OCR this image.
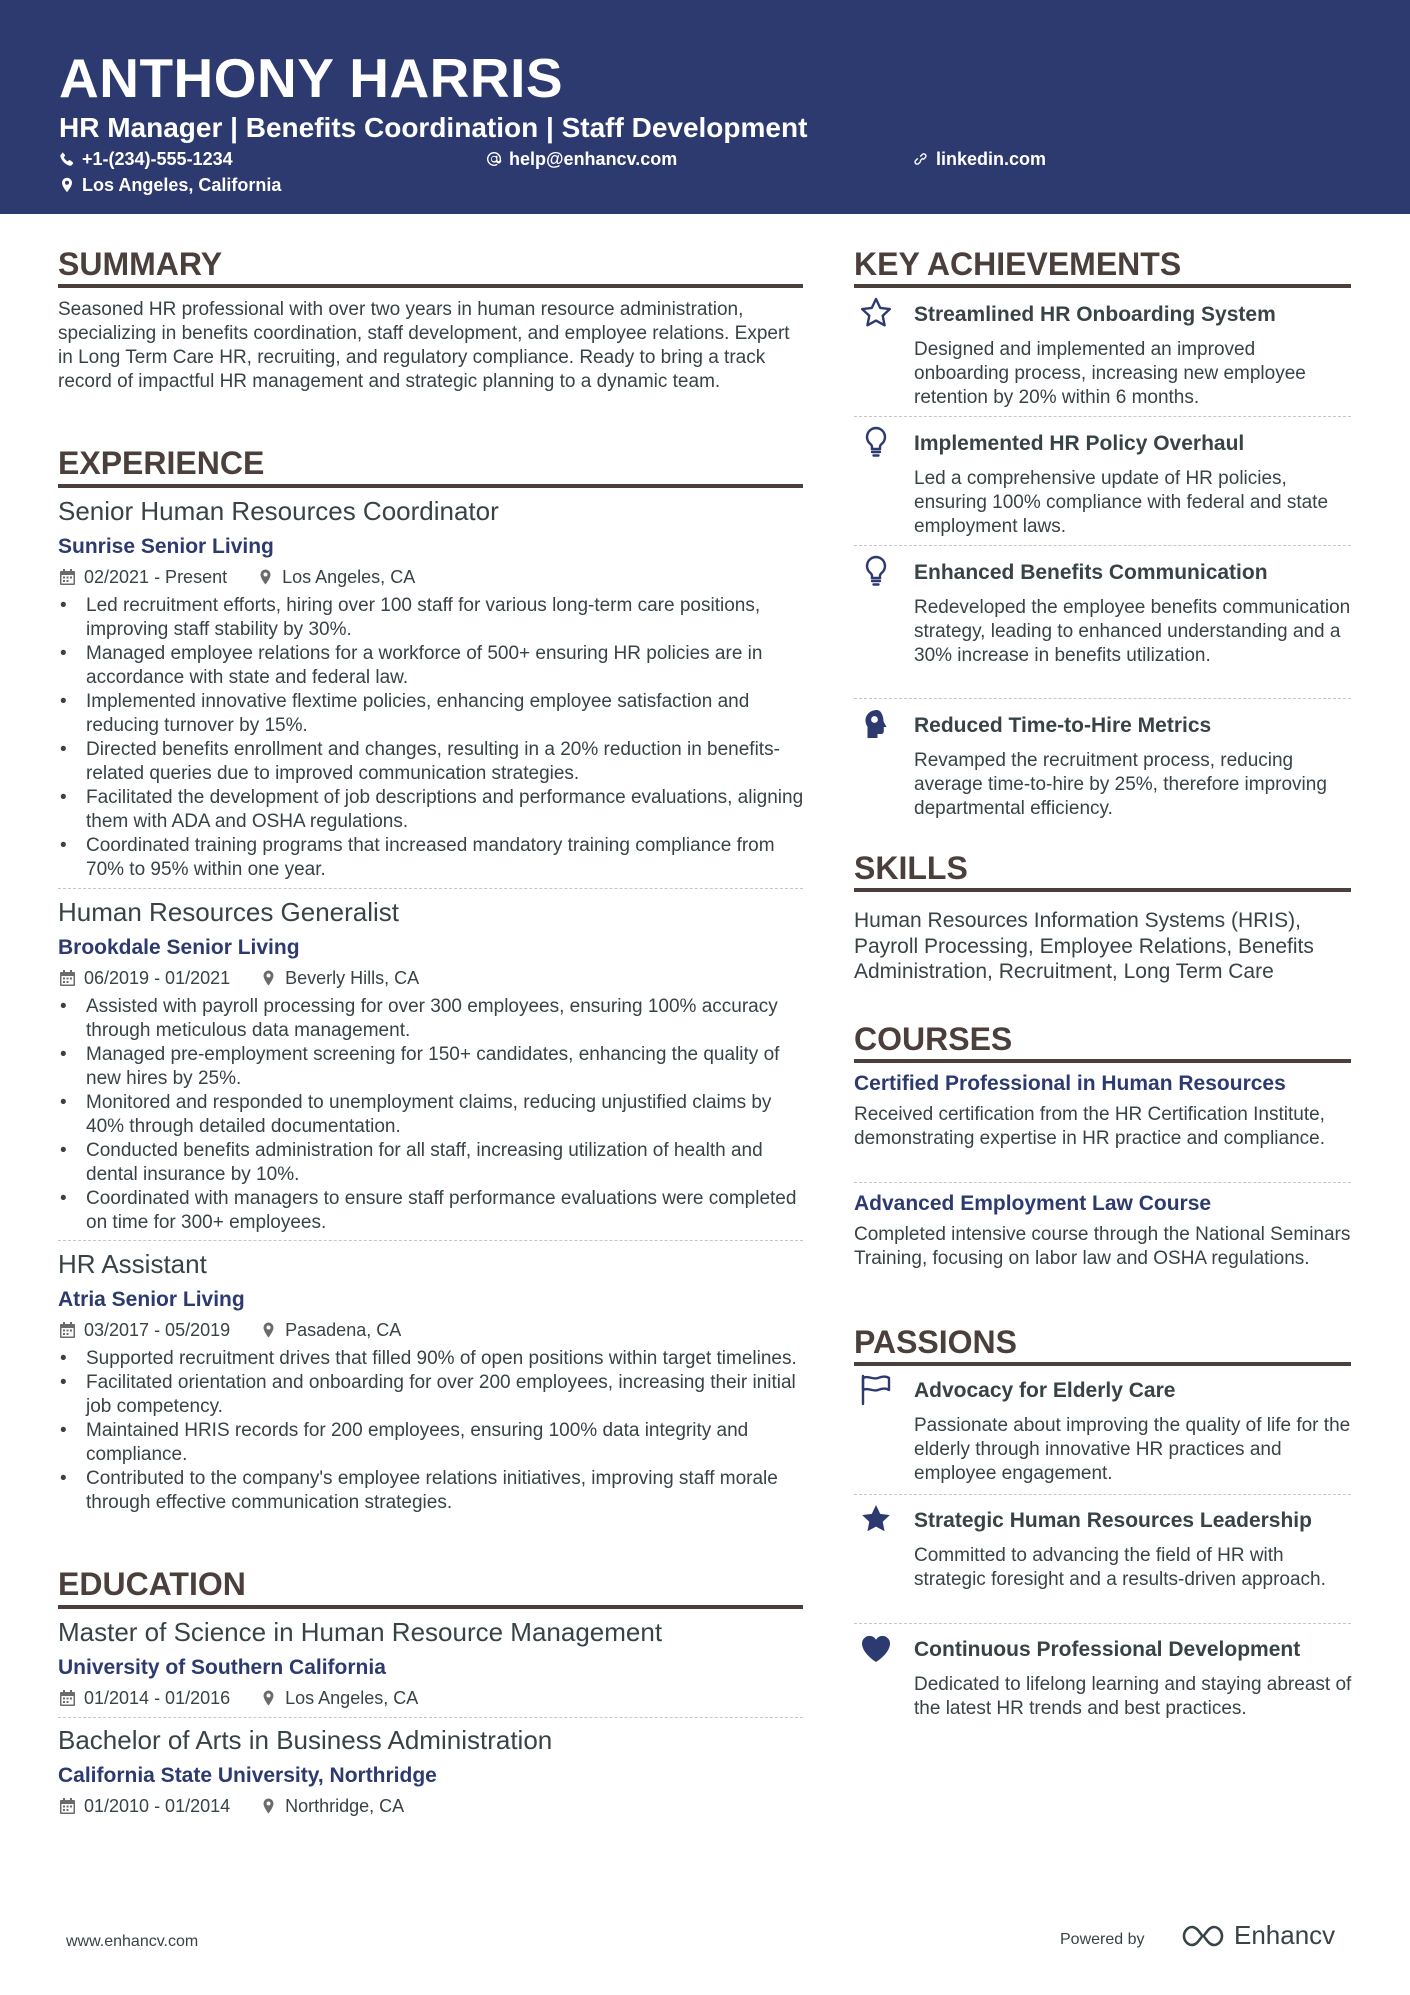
ANTHONY HARRIS
HR Manager | Benefits Coordination | Staff Development
+1-(234)-555-1234	help@enhancv.com	linkedin.com
Los Angeles, California
SUMMARY
Seasoned HR professional with over two years in human resource administration, specializing in benefits coordination, staff development, and employee relations. Expert in Long Term Care HR, recruiting, and regulatory compliance. Ready to bring a track record of impactful HR management and strategic planning to a dynamic team.
EXPERIENCE
Senior Human Resources Coordinator
Sunrise Senior Living
02/2021 - Present	Los Angeles, CA
• Led recruitment efforts, hiring over 100 staff for various long-term care positions, improving staff stability by 30%.
• Managed employee relations for a workforce of 500+ ensuring HR policies are in accordance with state and federal law.
• Implemented innovative flextime policies, enhancing employee satisfaction and reducing turnover by 15%.
• Directed benefits enrollment and changes, resulting in a 20% reduction in benefits-related queries due to improved communication strategies.
• Facilitated the development of job descriptions and performance evaluations, aligning them with ADA and OSHA regulations.
• Coordinated training programs that increased mandatory training compliance from 70% to 95% within one year.
Human Resources Generalist
Brookdale Senior Living
06/2019 - 01/2021	Beverly Hills, CA
• Assisted with payroll processing for over 300 employees, ensuring 100% accuracy through meticulous data management.
• Managed pre-employment screening for 150+ candidates, enhancing the quality of new hires by 25%.
• Monitored and responded to unemployment claims, reducing unjustified claims by 40% through detailed documentation.
• Conducted benefits administration for all staff, increasing utilization of health and dental insurance by 10%.
• Coordinated with managers to ensure staff performance evaluations were completed on time for 300+ employees.
HR Assistant
Atria Senior Living
03/2017 - 05/2019	Pasadena, CA
• Supported recruitment drives that filled 90% of open positions within target timelines.
• Facilitated orientation and onboarding for over 200 employees, increasing their initial job competency.
• Maintained HRIS records for 200 employees, ensuring 100% data integrity and compliance.
• Contributed to the company's employee relations initiatives, improving staff morale through effective communication strategies.
EDUCATION
Master of Science in Human Resource Management
University of Southern California
01/2014 - 01/2016	Los Angeles, CA
Bachelor of Arts in Business Administration
California State University, Northridge
01/2010 - 01/2014	Northridge, CA
KEY ACHIEVEMENTS
Streamlined HR Onboarding System
Designed and implemented an improved onboarding process, increasing new employee retention by 20% within 6 months.
Implemented HR Policy Overhaul
Led a comprehensive update of HR policies, ensuring 100% compliance with federal and state employment laws.
Enhanced Benefits Communication
Redeveloped the employee benefits communication strategy, leading to enhanced understanding and a 30% increase in benefits utilization.
Reduced Time-to-Hire Metrics
Revamped the recruitment process, reducing average time-to-hire by 25%, therefore improving departmental efficiency.
SKILLS
Human Resources Information Systems (HRIS), Payroll Processing, Employee Relations, Benefits Administration, Recruitment, Long Term Care
COURSES
Certified Professional in Human Resources
Received certification from the HR Certification Institute, demonstrating expertise in HR practice and compliance.
Advanced Employment Law Course
Completed intensive course through the National Seminars Training, focusing on labor law and OSHA regulations.
PASSIONS
Advocacy for Elderly Care
Passionate about improving the quality of life for the elderly through innovative HR practices and employee engagement.
Strategic Human Resources Leadership
Committed to advancing the field of HR with strategic foresight and a results-driven approach.
Continuous Professional Development
Dedicated to lifelong learning and staying abreast of the latest HR trends and best practices.
www.enhancv.com	Powered by	Enhancv
